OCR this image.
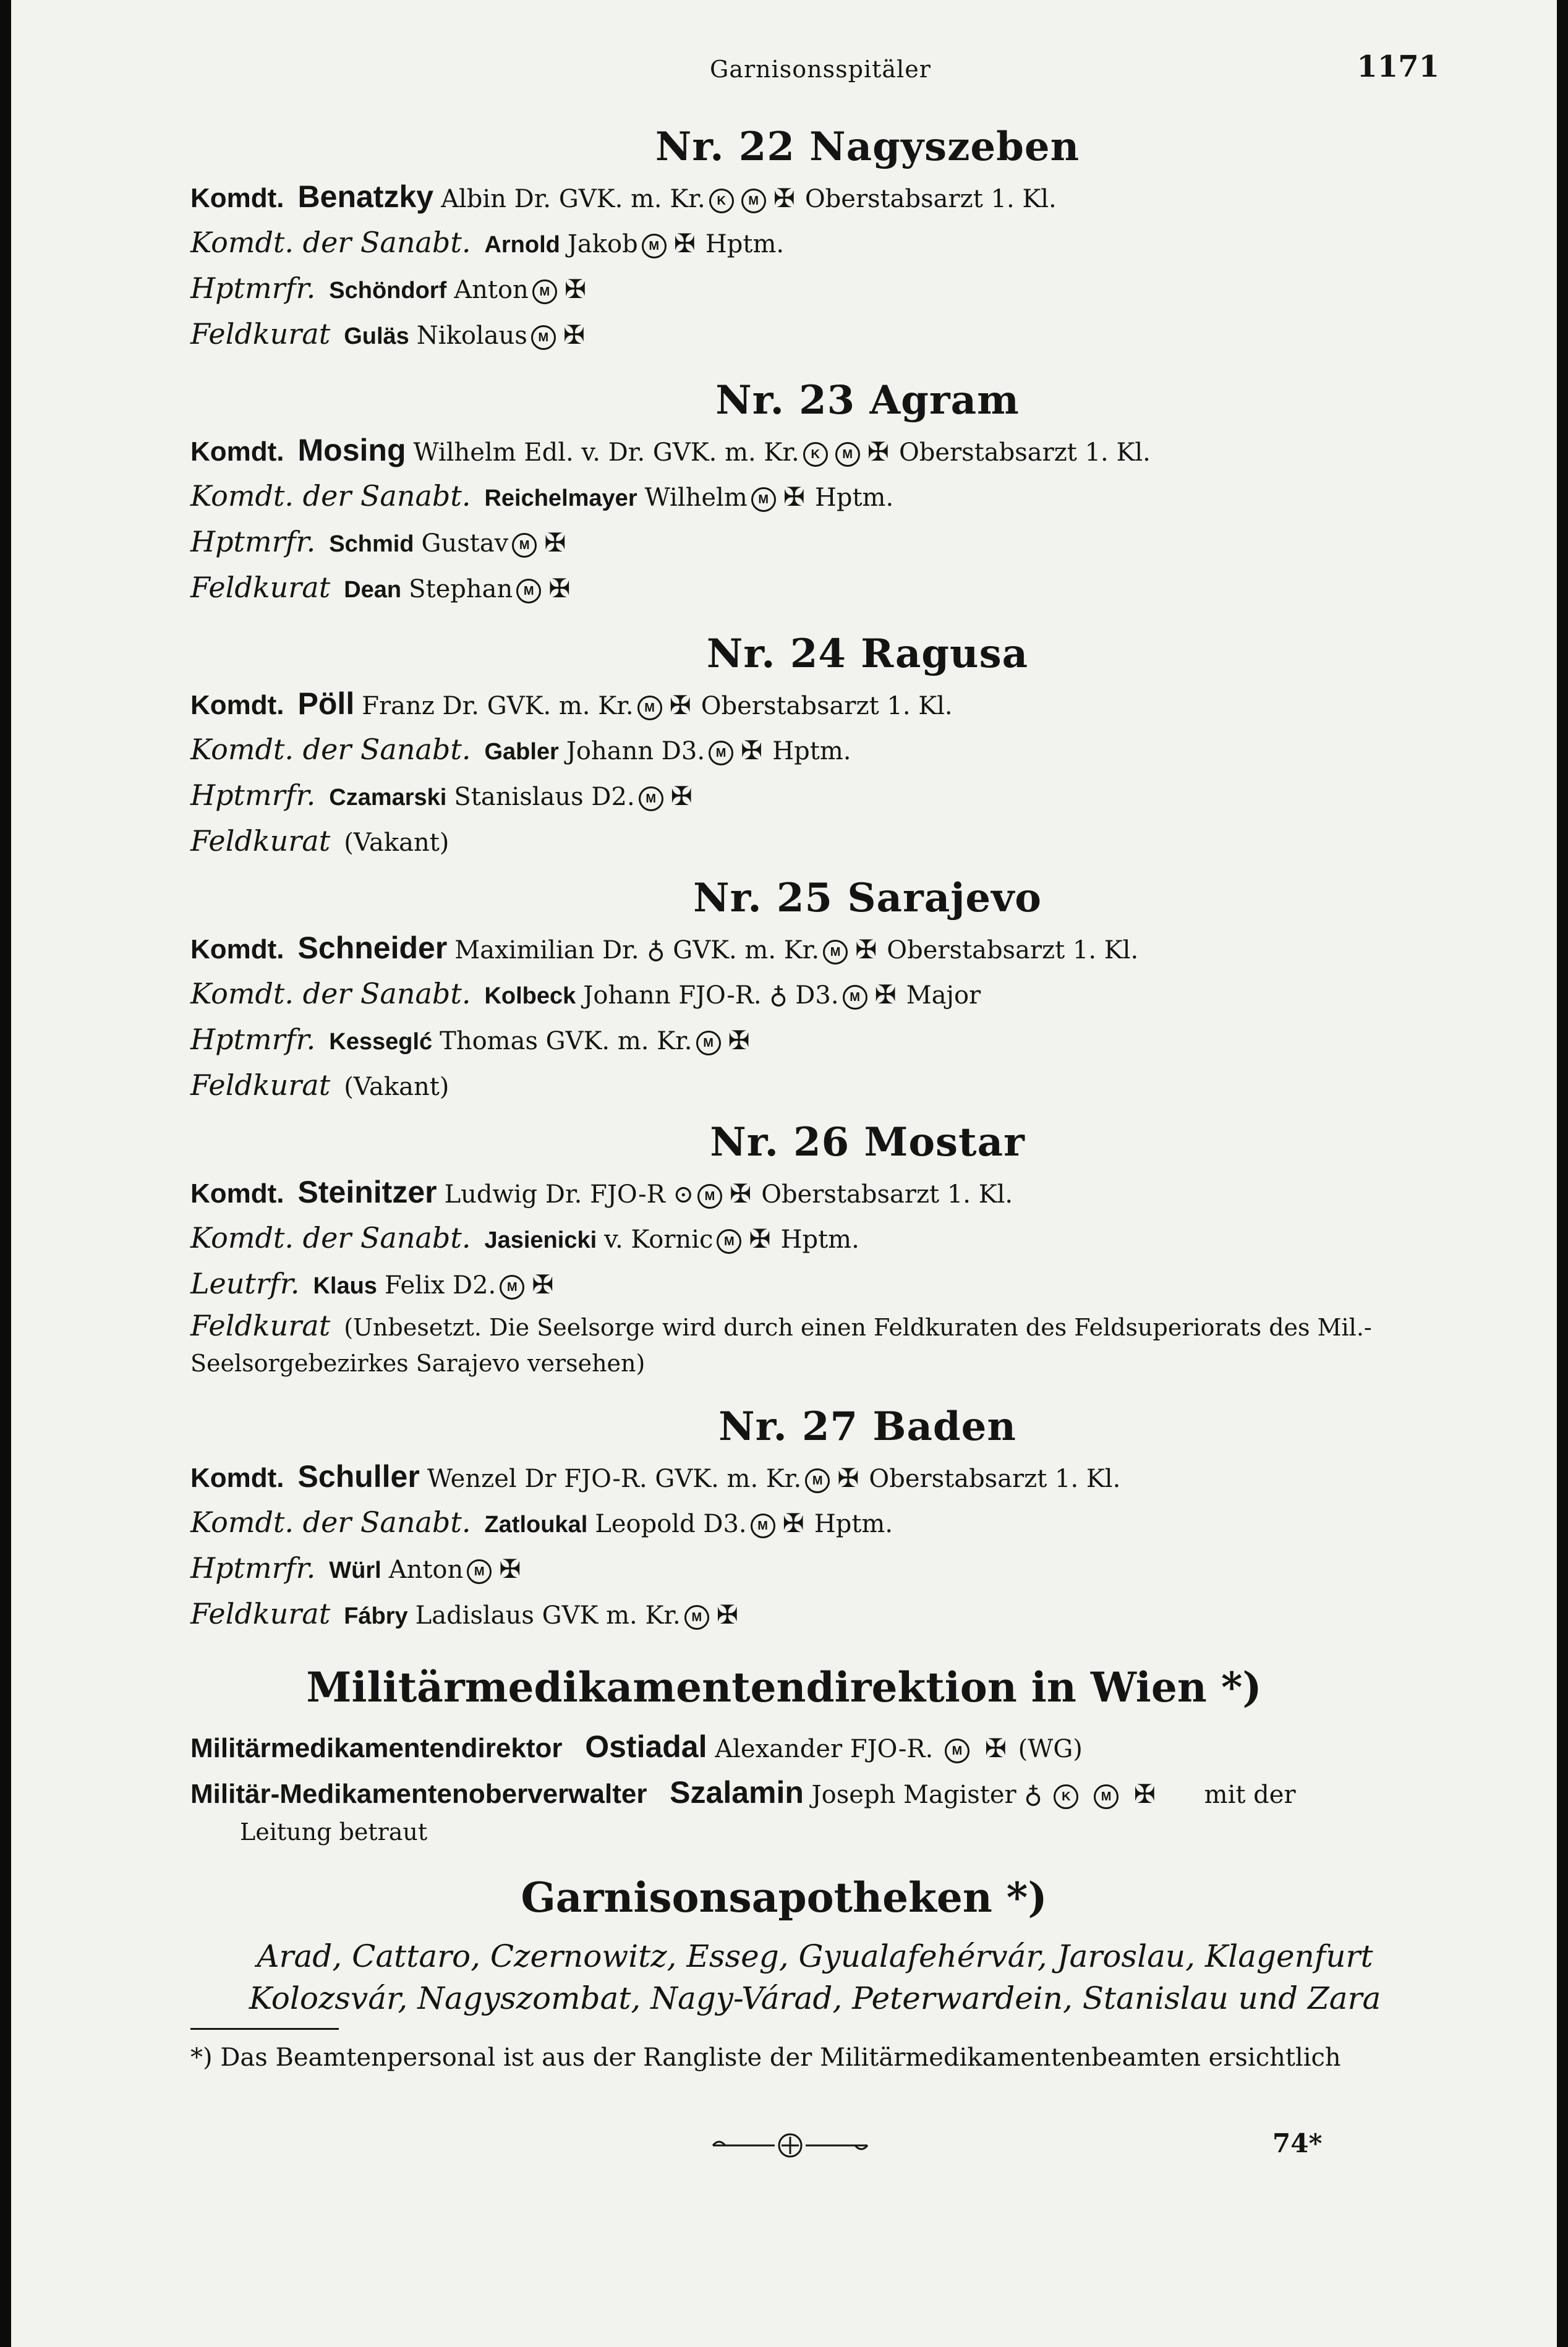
Garnisonsspitäler	1171
Nr. 22 Nagyszeben
Komdt. Benatzky Albin Dr. GVK. m. Kr. K M ✠ Oberstabsarzt 1. Kl.
Komdt. der Sanabt. Arnold Jakob M ✠ Hptm.
Hptmrfr. Schöndorf Anton M ✠
Feldkurat Guläs Nikolaus M ✠
Nr. 23 Agram
Komdt. Mosing Wilhelm Edl. v. Dr. GVK. m. Kr. K M ✠ Oberstabsarzt 1. Kl.
Komdt. der Sanabt. Reichelmayer Wilhelm M ✠ Hptm.
Hptmrfr. Schmid Gustav M ✠
Feldkurat Dean Stephan M ✠
Nr. 24 Ragusa
Komdt. Pöll Franz Dr. GVK. m. Kr. M ✠ Oberstabsarzt 1. Kl.
Komdt. der Sanabt. Gabler Johann D3. M ✠ Hptm.
Hptmrfr. Czamarski Stanislaus D2. M ✠
Feldkurat (Vakant)
Nr. 25 Sarajevo
Komdt. Schneider Maximilian Dr. ♁ GVK. m. Kr. M ✠ Oberstabsarzt 1. Kl.
Komdt. der Sanabt. Kolbeck Johann FJO-R. ♁ D3. M ✠ Major
Hptmrfr. Kesseglć Thomas GVK. m. Kr. M ✠
Feldkurat (Vakant)
Nr. 26 Mostar
Komdt. Steinitzer Ludwig Dr. FJO-R ⊙ M ✠ Oberstabsarzt 1. Kl.
Komdt. der Sanabt. Jasienicki v. Kornic M ✠ Hptm.
Leutrfr. Klaus Felix D2. M ✠
Feldkurat (Unbesetzt. Die Seelsorge wird durch einen Feldkuraten des Feldsuperiorats des Mil.-Seelsorgebezirkes Sarajevo versehen)
Nr. 27 Baden
Komdt. Schuller Wenzel Dr FJO-R. GVK. m. Kr. M ✠ Oberstabsarzt 1. Kl.
Komdt. der Sanabt. Zatloukal Leopold D3. M ✠ Hptm.
Hptmrfr. Würl Anton M ✠
Feldkurat Fábry Ladislaus GVK m. Kr. M ✠
Militärmedikamentendirektion in Wien *)
Militärmedikamentendirektor Ostiadal Alexander FJO-R. M ✠ (WG)
Militär-Medikamentenoberverwalter Szalamin Joseph Magister ♁ K M ✠ mit der
Leitung betraut
Garnisonsapotheken *)
Arad, Cattaro, Czernowitz, Esseg, Gyualafehérvár, Jaroslau, Klagenfurt
Kolozsvár, Nagyszombat, Nagy-Várad, Peterwardein, Stanislau und Zara
*) Das Beamtenpersonal ist aus der Rangliste der Militärmedikamentenbeamten ersichtlich
74*
